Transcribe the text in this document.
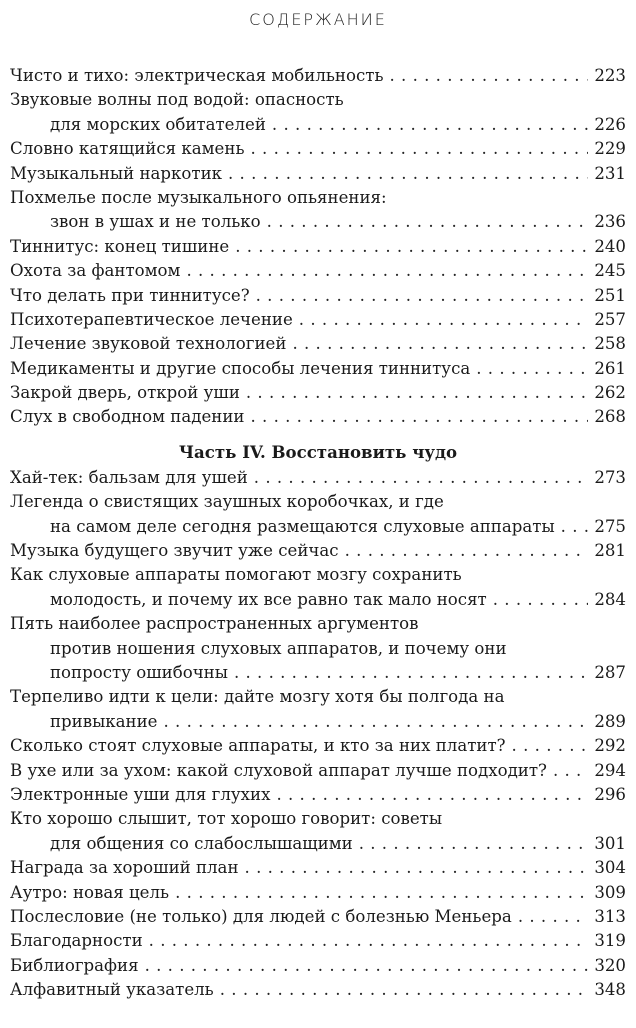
СОДЕРЖАНИЕ
Чисто и тихо: электрическая мобильность . . .	223
Звуковые волны под водой: опасность
для морских обитателей . . .	226
Словно катящийся камень . . .	229
Музыкальный наркотик . . .	231
Похмелье после музыкального опьянения:
звон в ушах и не только . . .	236
Тиннитус: конец тишине . . .	240
Охота за фантомом . . .	245
Что делать при тиннитусе? . . .	251
Психотерапевтическое лечение . . .	257
Лечение звуковой технологией . . .	258
Медикаменты и другие способы лечения тиннитуса . . .	261
Закрой дверь, открой уши . . .	262
Слух в свободном падении . . .	268
Часть IV. Восстановить чудо
Хай-тек: бальзам для ушей . . .	273
Легенда о свистящих заушных коробочках, и где
на самом деле сегодня размещаются слуховые аппараты . . . 275
Музыка будущего звучит уже сейчас . . .	281
Как слуховые аппараты помогают мозгу сохранить
молодость, и почему их все равно так мало носят . . .	284
Пять наиболее распространенных аргументов
против ношения слуховых аппаратов, и почему они
попросту ошибочны . . .	287
Терпеливо идти к цели: дайте мозгу хотя бы полгода на
привыкание . . .	289
Сколько стоят слуховые аппараты, и кто за них платит? . . .	292
В ухе или за ухом: какой слуховой аппарат лучше подходит? . . .	294
Электронные уши для глухих . . .	296
Кто хорошо слышит, тот хорошо говорит: советы
для общения со слабослышащими . . .	301
Награда за хороший план . . .	304
Аутро: новая цель . . .	309
Послесловие (не только) для людей с болезнью Меньера . . .	313
Благодарности . . .	319
Библиография . . .	320
Алфавитный указатель . . .	348
